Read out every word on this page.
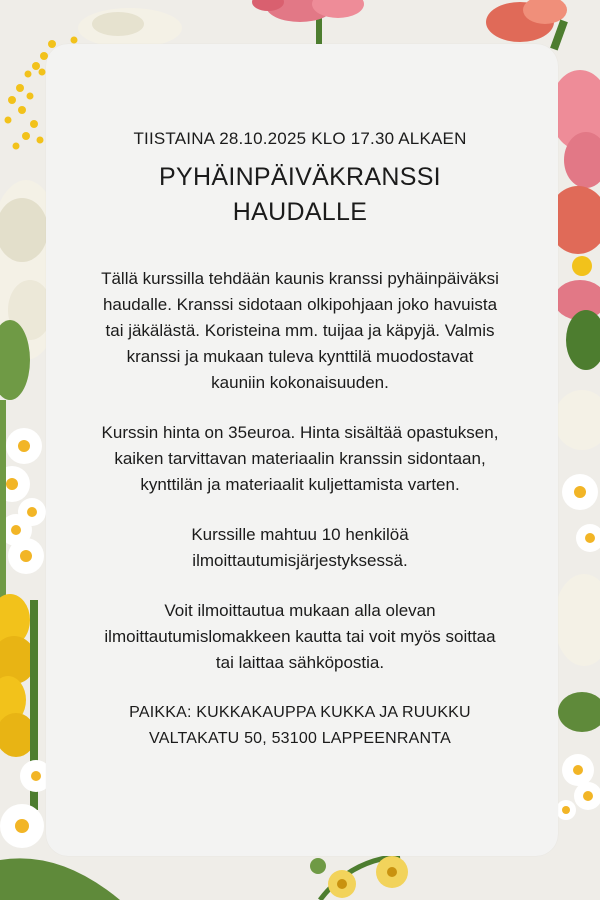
TIISTAINA 28.10.2025 KLO 17.30 ALKAEN

PYHÄINPÄIVÄKRANSSI
HAUDALLE

Tällä kurssilla tehdään kaunis kranssi pyhäinpäiväksi
haudalle. Kranssi sidotaan olkipohjaan joko havuista
tai jäkälästä. Koristeina mm. tuijaa ja käpyjä. Valmis
kranssi ja mukaan tuleva kynttilä muodostavat
kauniin kokonaisuuden.

Kurssin hinta on 35euroa. Hinta sisältää opastuksen,
kaiken tarvittavan materiaalin kranssin sidontaan,
kynttilän ja materiaalit kuljettamista varten.

Kurssille mahtuu 10 henkilöä
ilmoittautumisjärjestyksessä.

Voit ilmoittautua mukaan alla olevan
ilmoittautumislomakkeen kautta tai voit myös soittaa
tai laittaa sähköpostia.

PAIKKA: KUKKAKAUPPA KUKKA JA RUUKKU
VALTAKATU 50, 53100 LAPPEENRANTA
